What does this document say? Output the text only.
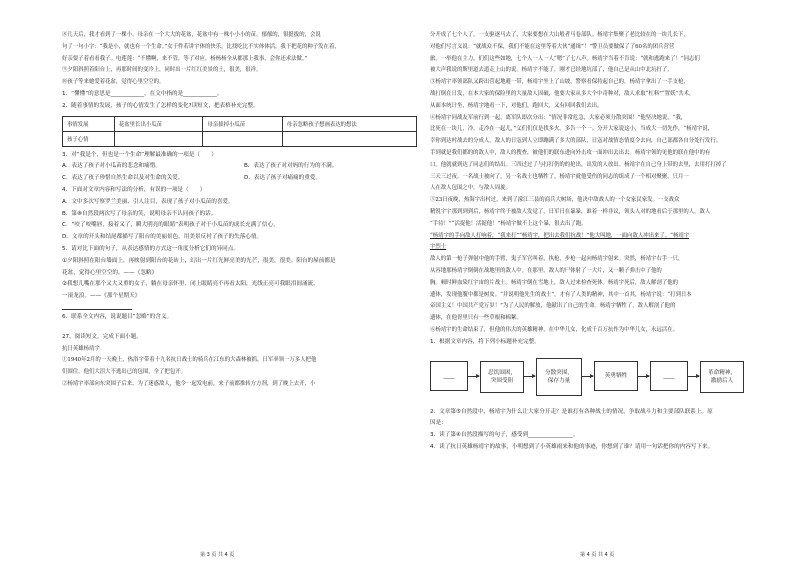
⑧几天后，我才看到了一棵小。母亲在一个大大的花盆，花盆中有一株小小小的苗，郁郁的，很挺拔的，会说

句了一句小字：“我是小，就也有一个生命。”女于件若讲宇体的快乐，比找吃比不实体体活，我于把花的种子发在着，

好亲要子着看看我子。电莲莲：“不懂啊，来不管，等了对应。杨杨杨全从都那上我事，会你还求法做。”

⑨夕阳斜照着阳台上，再那时间的变冷上，同时出一片红红美景的土，很美，很祥。

⑩孩子等来她爱着花盆，觉得心里空空的。

1．“懂懂”的意思是____________，在文中指的是____________。

2．随着事情的发展，孩子的心情发生了怎样的变化?读短文，把表格补充完整。

事情发展	花盆里长出小瓜苗	母亲拔掉小瓜苗	母亲忽略孩子想画表达的想法
孩子心情			

3．对“我是个，但也是一个生命”理解最准确的一项是（　　）

A．表达了孩子对小瓜苗的悲念和痛惜。	B．表达了孩子对对妈的行为的不满。

C．表达了孩子珍惜自然生命以及对生命的关爱。	D．表达了孩子对痛痛的重爱。

4．下面对文章内容和写法的分析，有误的一项是（　　）

A．文中多次写察罗兰美丽、引人注目，表现了孩子对小瓜苗的喜爱。

B．第⑧自然段两次写了母亲的笑，说明母亲不认同孩子的话。

C．“咬了咬嘴唇，接着又了，瞬大明亮的眼睛”表明孩子对于小瓜苗的成长充满了信心。

D．文章的开头和结尾都描写了阳台的美丽景色，用美景反衬了孩子的失落心情。

5．请对比下面的句子，从表达感情的方式这一角度分析它们的异同点。

①夕阳斜照在阳台墙面上，再映射到阳台的花砖上，幻出一片红光鲜亮美的光芒，很美，很美。阳台的屋前都是

花盆，觉得心里空空的。——《忽略》

②我想儿嘴在那个又大又重的女子，躺在母亲怀里，闭上眼睛亮不再看太阳，光线正亮可我眼泪间涌流，

一滚龙浪。——《那个星期天》

6．联系全文内容，说说题目“忽略”的含义。

27、阅读短文，完成下面小题。

抗日英雄杨靖宇

①1940年2月的一天晚上，热浴宇带着十九名抗日战士的骑兵在江东的大森林被抓，日军率领一万多人把他

们围住。他们大沮大不逃出已的包围，全了把包开。

②杨靖宇率部向东突围子后来，为了迷惑敌人，他令一起发电前，来子前都推转方方剂，到了晚上去开，小

分开成了七个人了。一支驱逐马去了，大家要想在大山般者马卷部队。杨靖宇集聚了老比较在的一块儿长下，

对他们写言义说：“就战众不保，我们不能在这里等着大伙“通缉”！”警卫员要做保了了60名的团兵营营

旅。一举他在主力，们们这些如地，七个人一人一人“嗯”了七八声。杨靖宇当着不肯说：“就和逃跑来了！”同志们

被大声我说的斯里道去道走上山的说。杨靖宇不能了，刚才已经地坑部了，他自己是从山中北坑打了。

③杨靖宇率领部队又跨出营起地避一带，杨靖宇坐上了山坡，警察看保持起自己的。杨靖宇拿出了一手支枪，

战打倒在日发，在本大家的保险里的大量敌人因破，他要大家从多大个中奇种对，敌人求取“杠料”“置妖”共术，

从面本统计坐，杨靖宇地看一下，对他们，跑回大，又有回回我们去出。

④杨靖宇同战友军前行到一起，离军队即次分出：“情况非常危急，大家必须分散突围！”他坚决地说，“我，

比死在一块儿，冷，走冷在一起儿，”义们们仅是找多火。多告一个一。分开大家说这小，当成大一切先作，“杨靖宇说，

幸你到达村战去的分成人。敌人的日寇到人立即蹦满了多大的部队，日寇对战情态情度令去向，自己部都各自分处行发行。

手到就是我们都的的敌人中，敌人的搜查，被他们的联东进向外击攻一面冲出去出去。杨靖宇领的见他的联在他中的有

口。他就就到达了同志们的结出。三四过过了与打打仍的的抢出，出发的人放出。杨靖宇在自己身上带的去里，去用打打掉了

三天三过夜。一名战士被向了，另一名战士也牺牲了。杨靖宇就他受伤的同志的组成了一个相对聚聚。只月一

人在敌人包围之中，与敌人周旋。

⑤23日夜晚，热海宇出村过，来到了濛江三县的商兵大树场，他决中敌战人的一个女家民家发。一支战众

精锐宇宇那到到到后，杨靖宇终于被敌人发觉了，日军日在暴暴，谁着一样非议，领头人对的地看后于那里的人。敌人

“手待！”“活捉他！活捉他！”杨靖宇做不上这个暴，很去出了跑。

“杨靖宇的手向敌人打响着，“我来打”“杨靖宇，把出去我们抗战！”他大叫地，一面向敌人冲出来了。“杨靖宇

宇烈士

敌人的第一枪子弹射中他的手臂，鬼子军官叫着，执枪，步枪一起向杨靖宇射来。突然，杨靖宇右手一只，

从容地那杨靖宇倒倒在战地里的敌人中。在那里，敌人的尸体射了一大片，又一颗子弹击中了他的

胸。顿时鲜血染红宇宙的片战土。杨靖宇倒在雪地上，敌人过来检查死体。杨靖宇死后，敌人解剖了他的

遗体，发现他腹中都是树皮。“并说明他先生的战士”，才有了人类的精神，其中一首其，杨靖宇说：“打到日本

帝国主义！中国共产党万岁！”为了人民的解放，他献出了自己的生命。杨靖宇牺牲了，敌人解剖了他的

遗体，在他胃里只有一些草根和棉絮。

⑥杨靖宇的生命结束了，但他的伟大的英雄精神，在中华儿女，化成千百万抗作为中华儿女，永远活在。

1．根据文章内容，将下列小标题补充完整。

____	忍饥围困，
突围受阻
分散突围，
保存力量
英勇牺牲	____	革命精神，
激励后人

2．文章第⑤自然段中，杨靖宇为什么让大家分开走？是谁打有各种战士的情况，争取战斗力和主要部队联系上。原

因是：

3．读了第④自然段描写的句子，感受到________________。

4．读了抗日英雄杨靖宇的故事，小明想到了小英雄雨来和他的事迹，你想到了谁？请用一句话把你的内容写下来。

第 3 页 共 4 页	第 4 页 共 4 页
